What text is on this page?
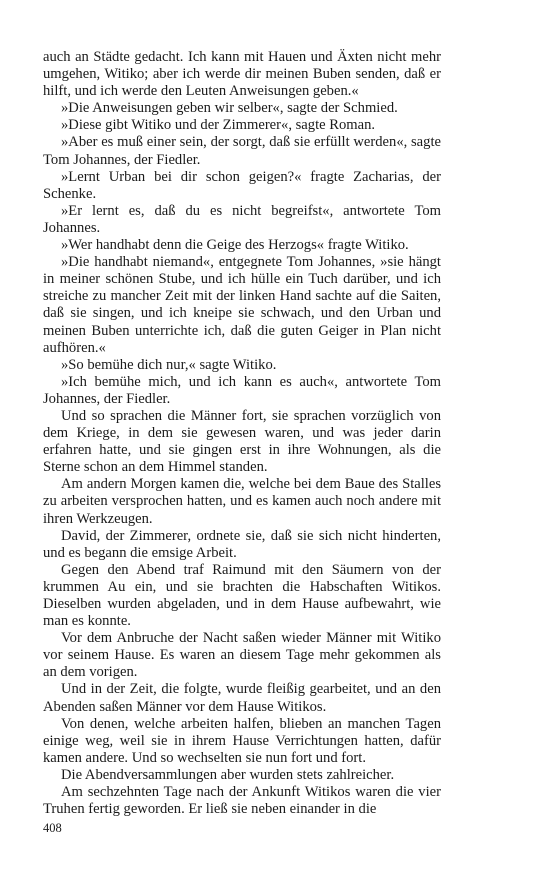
auch an Städte gedacht. Ich kann mit Hauen und Äxten nicht mehr umgehen, Witiko; aber ich werde dir meinen Buben senden, daß er hilft, und ich werde den Leuten Anweisungen geben.«

»Die Anweisungen geben wir selber«, sagte der Schmied.

»Diese gibt Witiko und der Zimmerer«, sagte Roman.

»Aber es muß einer sein, der sorgt, daß sie erfüllt werden«, sagte Tom Johannes, der Fiedler.

»Lernt Urban bei dir schon geigen?« fragte Zacharias, der Schenke.

»Er lernt es, daß du es nicht begreifst«, antwortete Tom Johannes.

»Wer handhabt denn die Geige des Herzogs« fragte Witiko.

»Die handhabt niemand«, entgegnete Tom Johannes, »sie hängt in meiner schönen Stube, und ich hülle ein Tuch darüber, und ich streiche zu mancher Zeit mit der linken Hand sachte auf die Saiten, daß sie singen, und ich kneipe sie schwach, und den Urban und meinen Buben unterrichte ich, daß die guten Geiger in Plan nicht aufhören.«

»So bemühe dich nur,« sagte Witiko.

»Ich bemühe mich, und ich kann es auch«, antwortete Tom Johannes, der Fiedler.

Und so sprachen die Männer fort, sie sprachen vorzüglich von dem Kriege, in dem sie gewesen waren, und was jeder darin erfahren hatte, und sie gingen erst in ihre Wohnungen, als die Sterne schon an dem Himmel standen.

Am andern Morgen kamen die, welche bei dem Baue des Stalles zu arbeiten versprochen hatten, und es kamen auch noch andere mit ihren Werkzeugen.

David, der Zimmerer, ordnete sie, daß sie sich nicht hinderten, und es begann die emsige Arbeit.

Gegen den Abend traf Raimund mit den Säumern von der krummen Au ein, und sie brachten die Habschaften Witikos. Dieselben wurden abgeladen, und in dem Hause aufbewahrt, wie man es konnte.

Vor dem Anbruche der Nacht saßen wieder Männer mit Witiko vor seinem Hause. Es waren an diesem Tage mehr gekommen als an dem vorigen.

Und in der Zeit, die folgte, wurde fleißig gearbeitet, und an den Abenden saßen Männer vor dem Hause Witikos.

Von denen, welche arbeiten halfen, blieben an manchen Tagen einige weg, weil sie in ihrem Hause Verrichtungen hatten, dafür kamen andere. Und so wechselten sie nun fort und fort.

Die Abendversammlungen aber wurden stets zahlreicher.

Am sechzehnten Tage nach der Ankunft Witikos waren die vier Truhen fertig geworden. Er ließ sie neben einander in die

408
